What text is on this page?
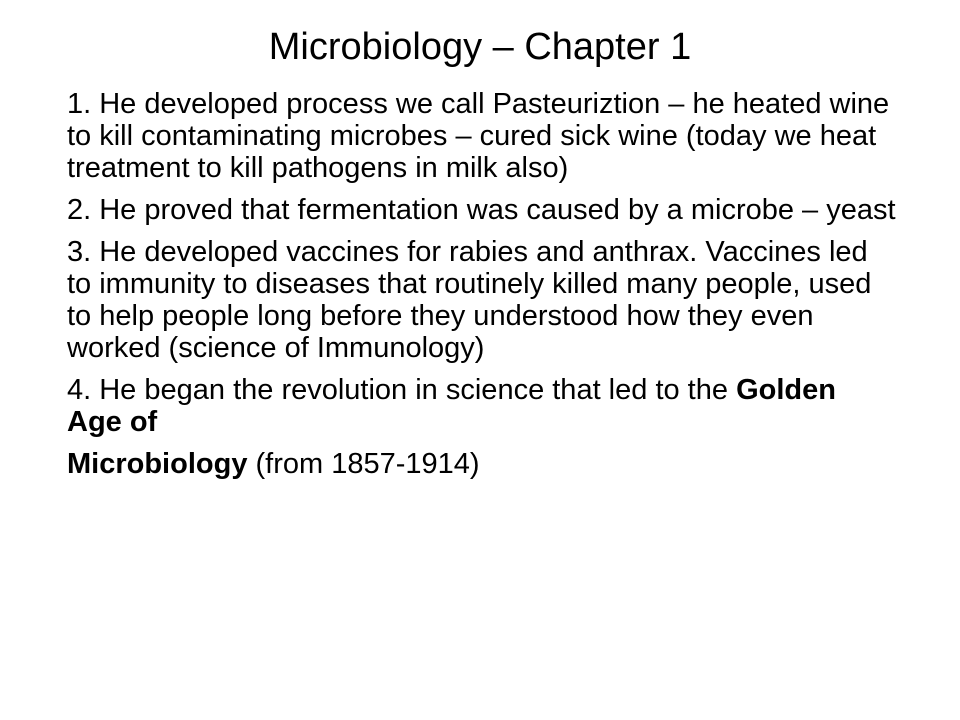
Microbiology – Chapter 1

1. He developed process we call Pasteuriztion – he heated wine to kill contaminating microbes – cured sick wine (today we heat treatment to kill pathogens in milk also)

2. He proved that fermentation was caused by a microbe – yeast

3. He developed vaccines for rabies and anthrax. Vaccines led to immunity to diseases that routinely killed many people, used to help people long before they understood how they even worked (science of Immunology)

4. He began the revolution in science that led to the Golden Age of

Microbiology (from 1857-1914)
